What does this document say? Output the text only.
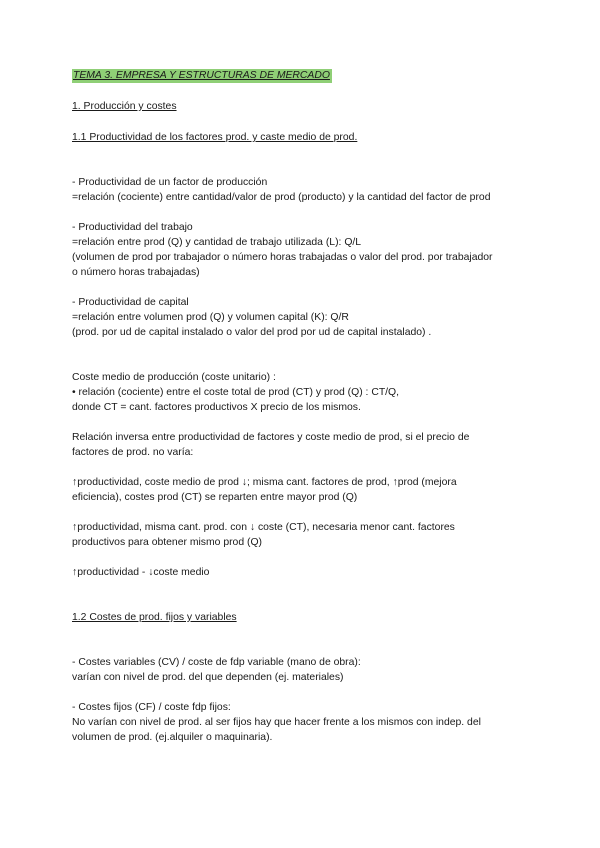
TEMA 3. EMPRESA Y ESTRUCTURAS DE MERCADO

1. Producción y costes

1.1 Productividad de los factores prod. y caste medio de prod.

- Productividad de un factor de producción

=relación (cociente) entre cantidad/valor de prod (producto) y la cantidad del factor de prod

- Productividad del trabajo

=relación entre prod (Q) y cantidad de trabajo utilizada (L): Q/L

(volumen de prod por trabajador o número horas trabajadas o valor del prod. por trabajador

o número horas trabajadas)

- Productividad de capital

=relación entre volumen prod (Q) y volumen capital (K): Q/R

(prod. por ud de capital instalado o valor del prod por ud de capital instalado) .

Coste medio de producción (coste unitario) :

• relación (cociente) entre el coste total de prod (CT) y prod (Q) : CT/Q,

donde CT = cant. factores productivos X precio de los mismos.

Relación inversa entre productividad de factores y coste medio de prod, si el precio de

factores de prod. no varía:

↑productividad, coste medio de prod ↓; misma cant. factores de prod, ↑prod (mejora

eficiencia), costes prod (CT) se reparten entre mayor prod (Q)

↑productividad, misma cant. prod. con ↓ coste (CT), necesaria menor cant. factores

productivos para obtener mismo prod (Q)

↑productividad - ↓coste medio

1.2 Costes de prod. fijos y variables

- Costes variables (CV) / coste de fdp variable (mano de obra):

varían con nivel de prod. del que dependen (ej. materiales)

- Costes fijos (CF) / coste fdp fijos:

No varían con nivel de prod. al ser fijos hay que hacer frente a los mismos con indep. del

volumen de prod. (ej.alquiler o maquinaria).
